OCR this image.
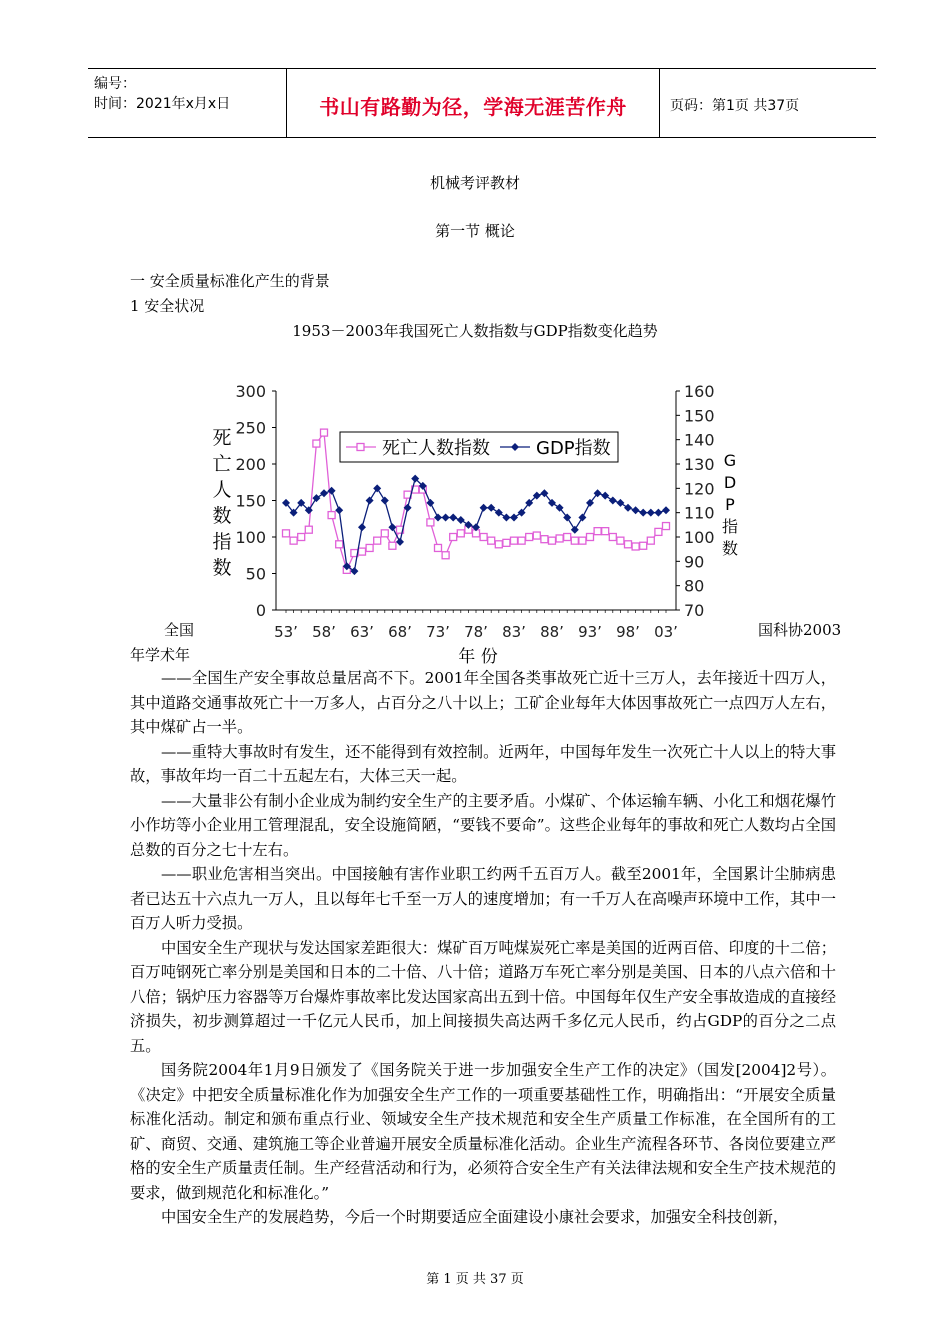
编号：
时间：2021年x月x日	书山有路勤为径，学海无涯苦作舟	页码：第1页 共37页
机械考评教材
第一节 概论
一 安全质量标准化产生的背景
1 安全状况
1953－2003年我国死亡人数指数与GDP指数变化趋势
全国	国科协2003
年学术年
0
50
100
150
200
250
300
70
80
90
100
110
120
130
140
150
160
53’ 58’ 63’ 68’ 73’ 78’ 83’ 88’ 93’ 98’ 03’
年 份
死
亡
人
数
指
数
G
D
P
指
数
死亡人数指数	GDP指数

——全国生产安全事故总量居高不下。2001年全国各类事故死亡近十三万人，去年接近十四万人，其中道路交通事故死亡十一万多人，占百分之八十以上；工矿企业每年大体因事故死亡一点四万人左右，其中煤矿占一半。

——重特大事故时有发生，还不能得到有效控制。近两年，中国每年发生一次死亡十人以上的特大事故，事故年均一百二十五起左右，大体三天一起。

——大量非公有制小企业成为制约安全生产的主要矛盾。小煤矿、个体运输车辆、小化工和烟花爆竹小作坊等小企业用工管理混乱，安全设施简陋，“要钱不要命”。这些企业每年的事故和死亡人数均占全国总数的百分之七十左右。

——职业危害相当突出。中国接触有害作业职工约两千五百万人。截至2001年，全国累计尘肺病患者已达五十六点九一万人，且以每年七千至一万人的速度增加；有一千万人在高噪声环境中工作，其中一百万人听力受损。

中国安全生产现状与发达国家差距很大：煤矿百万吨煤炭死亡率是美国的近两百倍、印度的十二倍；百万吨钢死亡率分别是美国和日本的二十倍、八十倍；道路万车死亡率分别是美国、日本的八点六倍和十八倍；锅炉压力容器等万台爆炸事故率比发达国家高出五到十倍。中国每年仅生产安全事故造成的直接经济损失，初步测算超过一千亿元人民币，加上间接损失高达两千多亿元人民币，约占GDP的百分之二点五。

国务院2004年1月9日颁发了《国务院关于进一步加强安全生产工作的决定》（国发[2004]2号）。《决定》中把安全质量标准化作为加强安全生产工作的一项重要基础性工作，明确指出：“开展安全质量标准化活动。制定和颁布重点行业、领域安全生产技术规范和安全生产质量工作标准，在全国所有的工矿、商贸、交通、建筑施工等企业普遍开展安全质量标准化活动。企业生产流程各环节、各岗位要建立严格的安全生产质量责任制。生产经营活动和行为，必须符合安全生产有关法律法规和安全生产技术规范的要求，做到规范化和标准化。”

中国安全生产的发展趋势，今后一个时期要适应全面建设小康社会要求，加强安全科技创新，

第 1 页 共 37 页
